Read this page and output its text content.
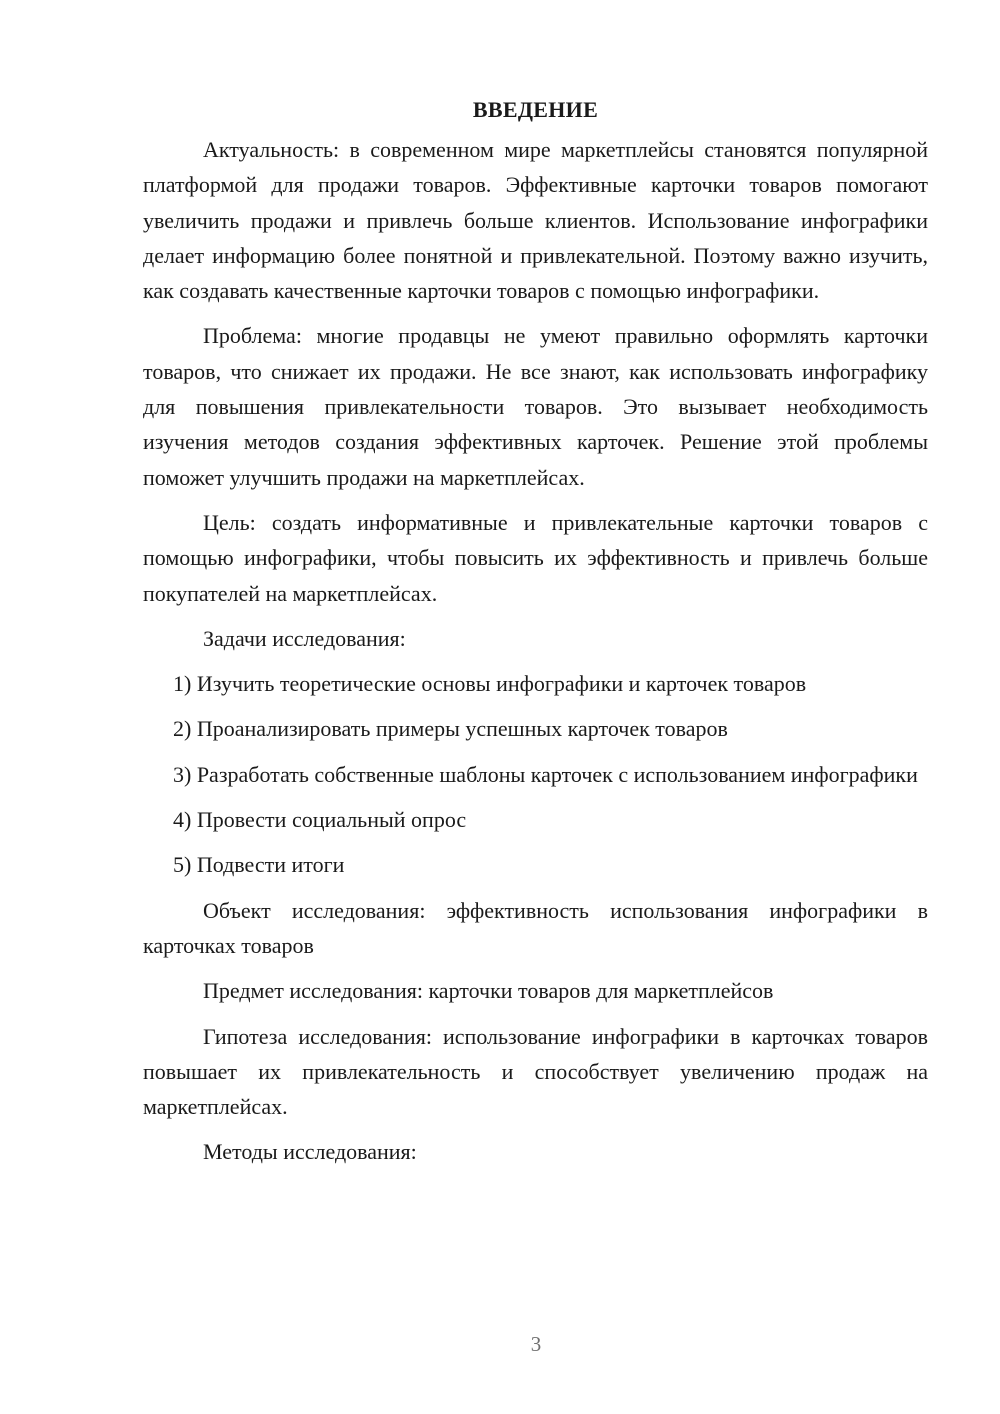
ВВЕДЕНИЕ

Актуальность: в современном мире маркетплейсы становятся популярной платформой для продажи товаров. Эффективные карточки товаров помогают увеличить продажи и привлечь больше клиентов. Использование инфографики делает информацию более понятной и привлекательной. Поэтому важно изучить, как создавать качественные карточки товаров с помощью инфографики.

Проблема: многие продавцы не умеют правильно оформлять карточки товаров, что снижает их продажи. Не все знают, как использовать инфографику для повышения привлекательности товаров. Это вызывает необходимость изучения методов создания эффективных карточек. Решение этой проблемы поможет улучшить продажи на маркетплейсах.

Цель: создать информативные и привлекательные карточки товаров с помощью инфографики, чтобы повысить их эффективность и привлечь больше покупателей на маркетплейсах.

Задачи исследования:

1) Изучить теоретические основы инфографики и карточек товаров

2) Проанализировать примеры успешных карточек товаров

3) Разработать собственные шаблоны карточек с использованием инфографики

4) Провести социальный опрос

5) Подвести итоги

Объект исследования: эффективность использования инфографики в карточках товаров

Предмет исследования: карточки товаров для маркетплейсов

Гипотеза исследования: использование инфографики в карточках товаров повышает их привлекательность и способствует увеличению продаж на маркетплейсах.

Методы исследования:

3
